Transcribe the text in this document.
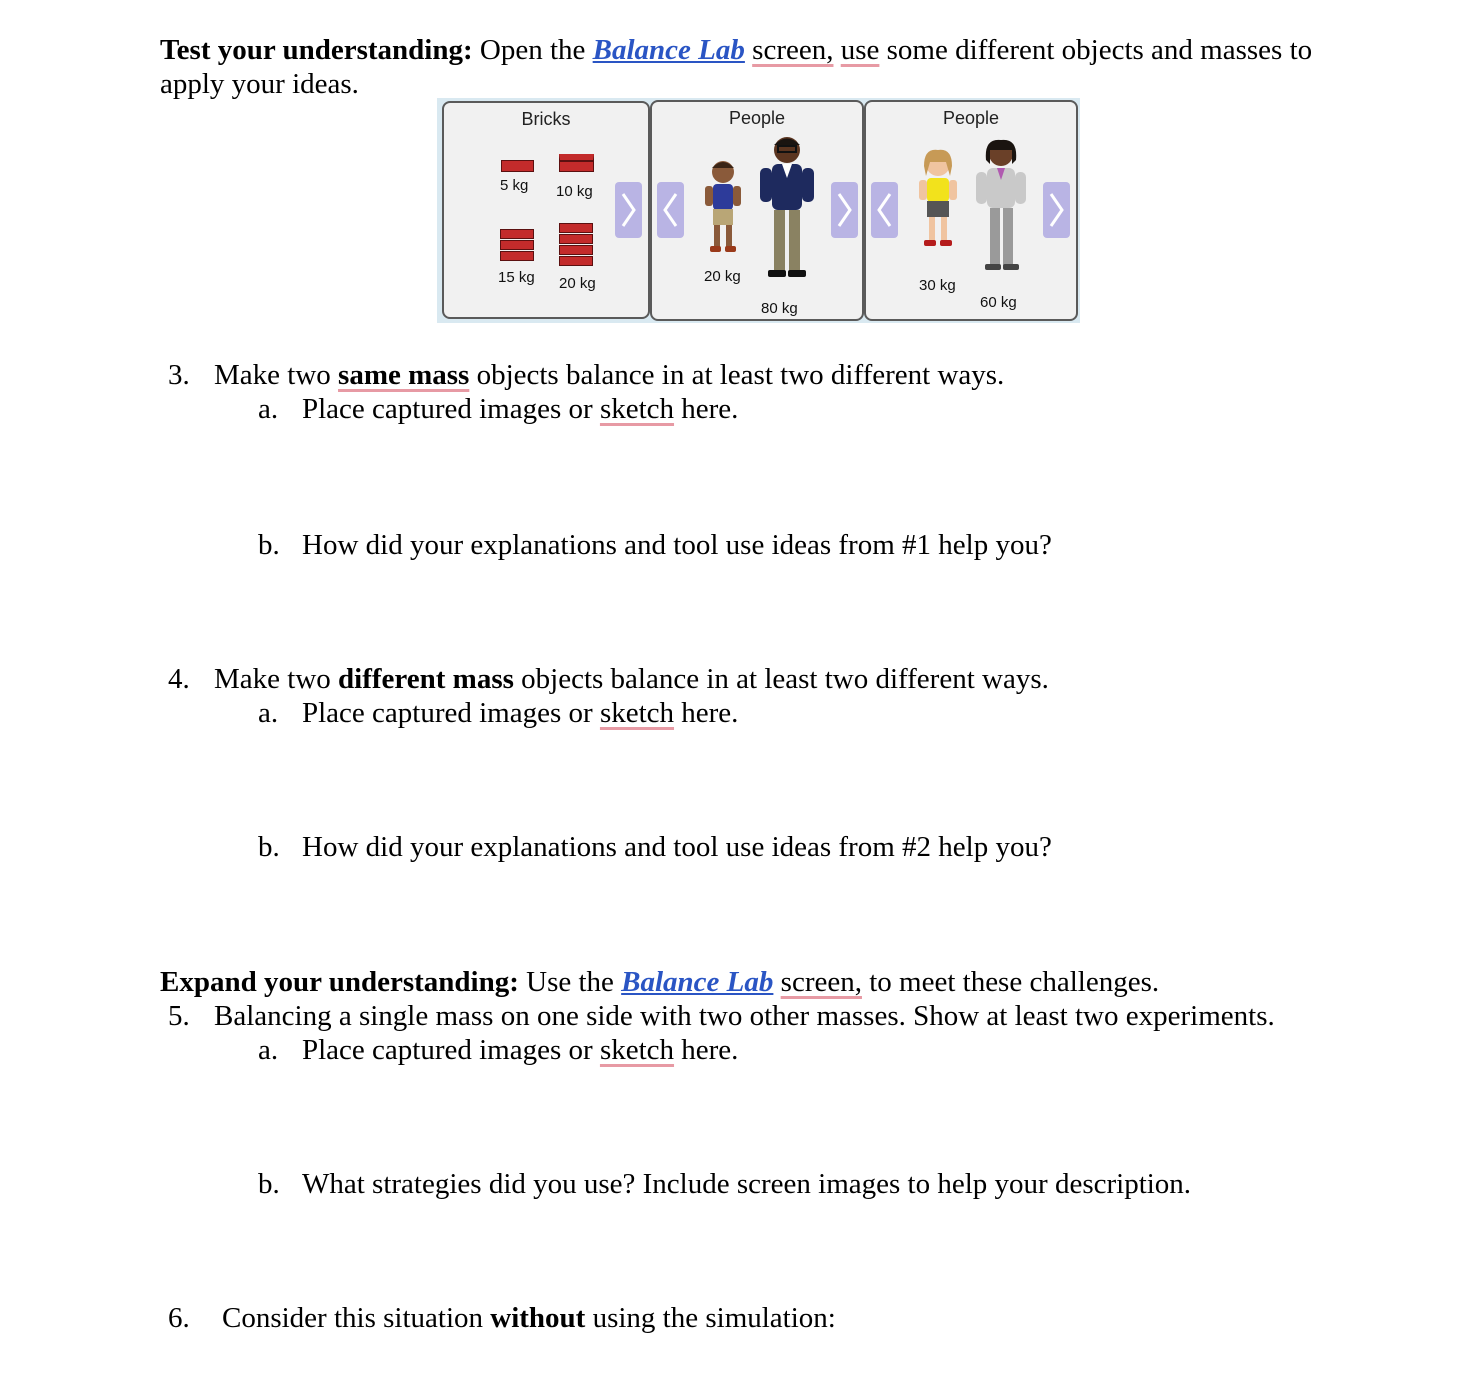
Test your understanding: Open the Balance Lab screen, use some different objects and masses to
apply your ideas.
Bricks
5 kg 10 kg
15 kg 20 kg
People
20 kg
80 kg
People
30 kg
60 kg
3. Make two same mass objects balance in at least two different ways.
a. Place captured images or sketch here.
b. How did your explanations and tool use ideas from #1 help you?
4. Make two different mass objects balance in at least two different ways.
a. Place captured images or sketch here.
b. How did your explanations and tool use ideas from #2 help you?
Expand your understanding: Use the Balance Lab screen, to meet these challenges.
5. Balancing a single mass on one side with two other masses. Show at least two experiments.
a. Place captured images or sketch here.
b. What strategies did you use? Include screen images to help your description.
6. Consider this situation without using the simulation:
